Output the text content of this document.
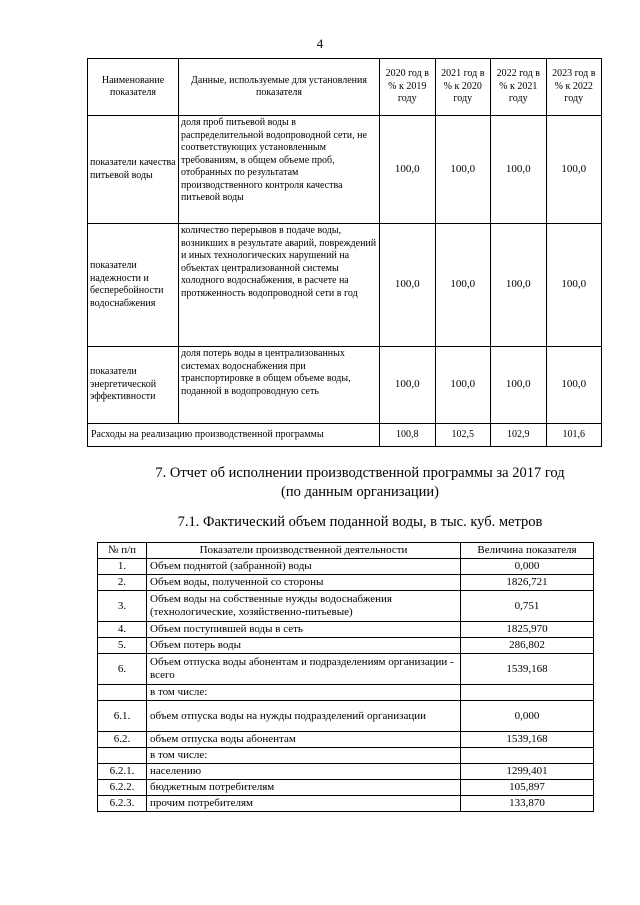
4
Наименование показателя	Данные, используемые для установления показателя	2020 год в % к 2019 году	2021 год в % к 2020 году	2022 год в % к 2021 году	2023 год в % к 2022 году
показатели качества питьевой воды	доля проб питьевой воды в распределительной водопроводной сети, не соответствующих установленным требованиям, в общем объеме проб, отобранных по результатам производственного контроля качества питьевой воды	100,0	100,0	100,0	100,0
показатели надежности и бесперебойности водоснабжения	количество перерывов в подаче воды, возникших в результате аварий, повреждений и иных технологических нарушений на объектах централизованной системы холодного водоснабжения, в расчете на протяженность водопроводной сети в год	100,0	100,0	100,0	100,0
показатели энергетической эффективности	доля потерь воды в централизованных системах водоснабжения при транспортировке в общем объеме воды, поданной в водопроводную сеть	100,0	100,0	100,0	100,0
Расходы на реализацию производственной программы		100,8	102,5	102,9	101,6
7. Отчет об исполнении производственной программы за 2017 год
(по данным организации)
7.1. Фактический объем поданной воды, в тыс. куб. метров
№ п/п	Показатели производственной деятельности	Величина показателя
1.	Объем поднятой (забранной) воды	0,000
2.	Объем воды, полученной со стороны	1826,721
3.	Объем воды на собственные нужды водоснабжения (технологические, хозяйственно-питьевые)	0,751
4.	Объем поступившей воды в сеть	1825,970
5.	Объем потерь воды	286,802
6.	Объем отпуска воды абонентам и подразделениям организации - всего	1539,168
	в том числе:	
6.1.	объем отпуска воды на нужды подразделений организации	0,000
6.2.	объем отпуска воды абонентам	1539,168
	в том числе:	
6.2.1.	населению	1299,401
6.2.2.	бюджетным потребителям	105,897
6.2.3.	прочим потребителям	133,870
